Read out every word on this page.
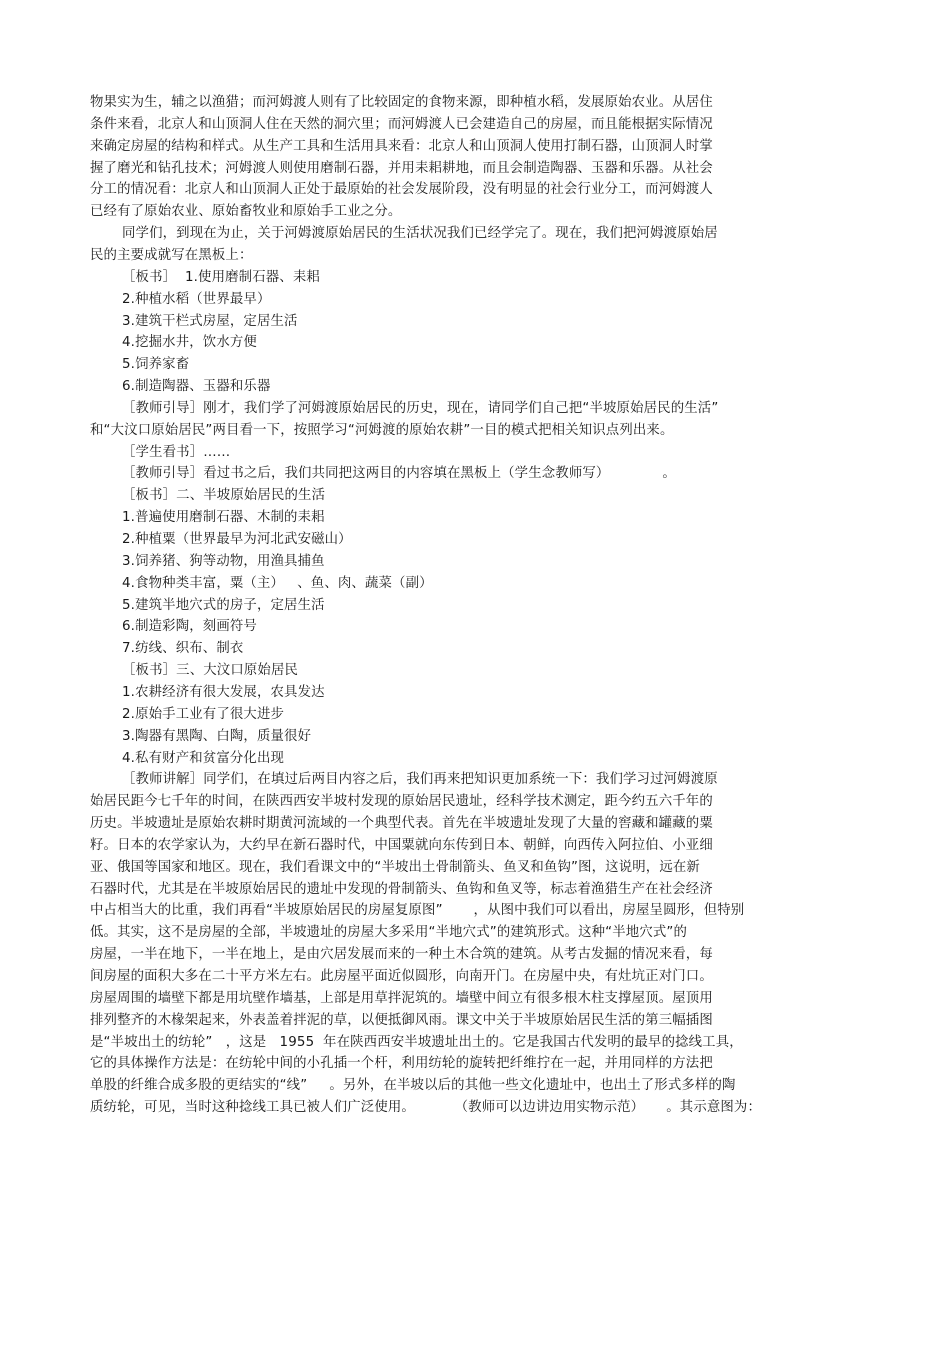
物果实为生，辅之以渔猎；而河姆渡人则有了比较固定的食物来源，即种植水稻，发展原始农业。从居住
条件来看，北京人和山顶洞人住在天然的洞穴里；而河姆渡人已会建造自己的房屋，而且能根据实际情况
来确定房屋的结构和样式。从生产工具和生活用具来看：北京人和山顶洞人使用打制石器，山顶洞人时掌
握了磨光和钻孔技术；河姆渡人则使用磨制石器，并用耒耜耕地，而且会制造陶器、玉器和乐器。从社会
分工的情况看：北京人和山顶洞人正处于最原始的社会发展阶段，没有明显的社会行业分工，而河姆渡人
已经有了原始农业、原始畜牧业和原始手工业之分。
同学们，到现在为止，关于河姆渡原始居民的生活状况我们已经学完了。现在，我们把河姆渡原始居
民的主要成就写在黑板上：
［板书］  1.使用磨制石器、耒耜
2.种植水稻（世界最早）
3.建筑干栏式房屋，定居生活
4.挖掘水井，饮水方便
5.饲养家畜
6.制造陶器、玉器和乐器
［教师引导］刚才，我们学了河姆渡原始居民的历史，现在，请同学们自己把“半坡原始居民的生活”
和“大汶口原始居民”两目看一下，按照学习“河姆渡的原始农耕”一目的模式把相关知识点列出来。
［学生看书］……
［教师引导］看过书之后，我们共同把这两目的内容填在黑板上（学生念教师写）            。
［板书］二、半坡原始居民的生活
1.普遍使用磨制石器、木制的耒耜
2.种植粟（世界最早为河北武安磁山）
3.饲养猪、狗等动物，用渔具捕鱼
4.食物种类丰富，粟（主）   、鱼、肉、蔬菜（副）
5.建筑半地穴式的房子，定居生活
6.制造彩陶，刻画符号
7.纺线、织布、制衣
［板书］三、大汶口原始居民
1.农耕经济有很大发展，农具发达
2.原始手工业有了很大进步
3.陶器有黑陶、白陶，质量很好
4.私有财产和贫富分化出现
［教师讲解］同学们，在填过后两目内容之后，我们再来把知识更加系统一下：我们学习过河姆渡原
始居民距今七千年的时间，在陕西西安半坡村发现的原始居民遗址，经科学技术测定，距今约五六千年的
历史。半坡遗址是原始农耕时期黄河流域的一个典型代表。首先在半坡遗址发现了大量的窖藏和罐藏的粟
籽。日本的农学家认为，大约早在新石器时代，中国粟就向东传到日本、朝鲜，向西传入阿拉伯、小亚细
亚、俄国等国家和地区。现在，我们看课文中的“半坡出土骨制箭头、鱼叉和鱼钩”图，这说明，远在新
石器时代，尤其是在半坡原始居民的遗址中发现的骨制箭头、鱼钩和鱼叉等，标志着渔猎生产在社会经济
中占相当大的比重，我们再看“半坡原始居民的房屋复原图”       ，从图中我们可以看出，房屋呈圆形，但特别
低。其实，这不是房屋的全部，半坡遗址的房屋大多采用“半地穴式”的建筑形式。这种“半地穴式”的
房屋，一半在地下，一半在地上，是由穴居发展而来的一种土木合筑的建筑。从考古发掘的情况来看，每
间房屋的面积大多在二十平方米左右。此房屋平面近似圆形，向南开门。在房屋中央，有灶坑正对门口。
房屋周围的墙壁下都是用坑壁作墙基，上部是用草拌泥筑的。墙壁中间立有很多根木柱支撑屋顶。屋顶用
排列整齐的木椽架起来，外表盖着拌泥的草，以便抵御风雨。课文中关于半坡原始居民生活的第三幅插图
是“半坡出土的纺轮”   ，这是   1955  年在陕西西安半坡遗址出土的。它是我国古代发明的最早的捻线工具，
它的具体操作方法是：在纺轮中间的小孔插一个杆，利用纺轮的旋转把纤维拧在一起，并用同样的方法把
单股的纤维合成多股的更结实的“线”     。另外，在半坡以后的其他一些文化遗址中，也出土了形式多样的陶
质纺轮，可见，当时这种捻线工具已被人们广泛使用。         （教师可以边讲边用实物示范）     。其示意图为：
